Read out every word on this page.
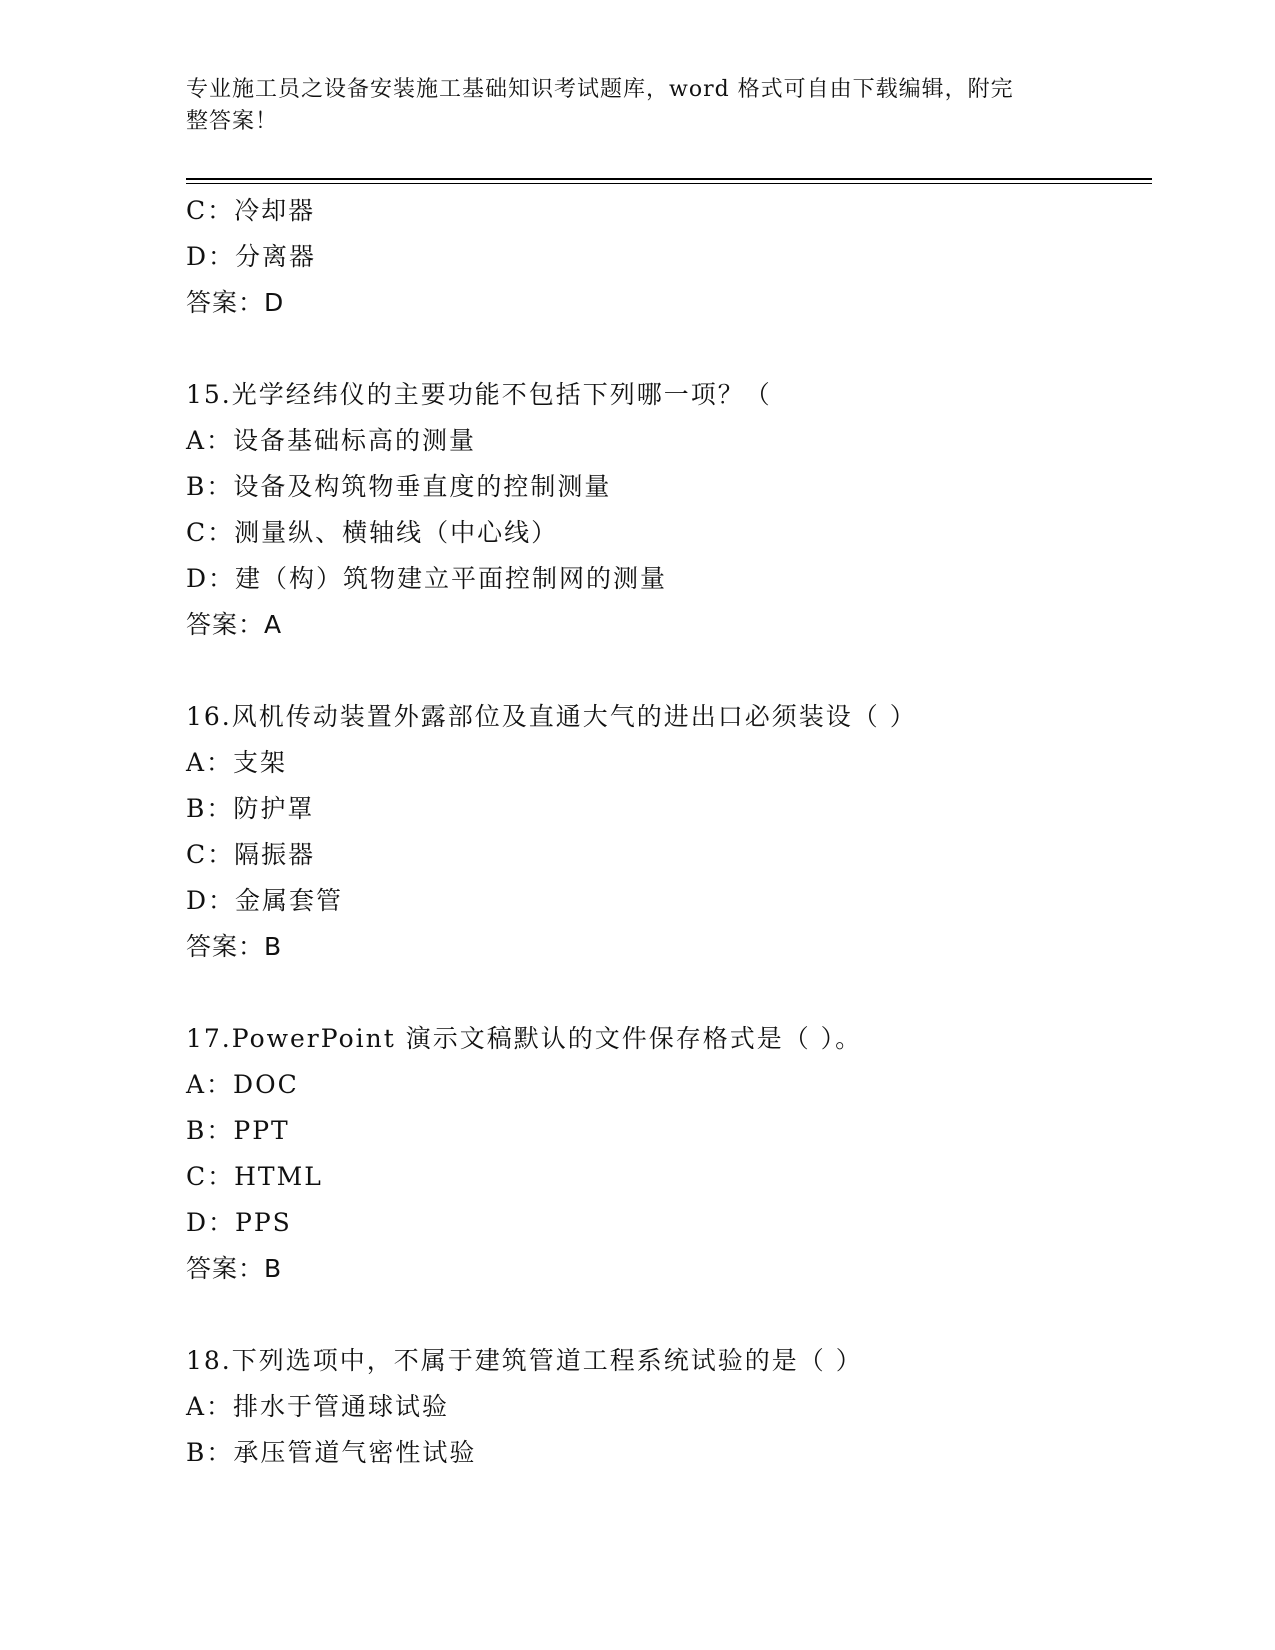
专业施工员之设备安装施工基础知识考试题库，word 格式可自由下载编辑，附完
整答案！
C：冷却器
D：分离器
答案：D
15.光学经纬仪的主要功能不包括下列哪一项？（
A：设备基础标高的测量
B：设备及构筑物垂直度的控制测量
C：测量纵、横轴线（中心线）
D：建（构）筑物建立平面控制网的测量
答案：A
16.风机传动装置外露部位及直通大气的进出口必须装设（ ）
A：支架
B：防护罩
C：隔振器
D：金属套管
答案：B
17.PowerPoint 演示文稿默认的文件保存格式是（ ）。
A：DOC
B：PPT
C：HTML
D：PPS
答案：B
18.下列选项中，不属于建筑管道工程系统试验的是（ ）
A：排水于管通球试验
B：承压管道气密性试验
